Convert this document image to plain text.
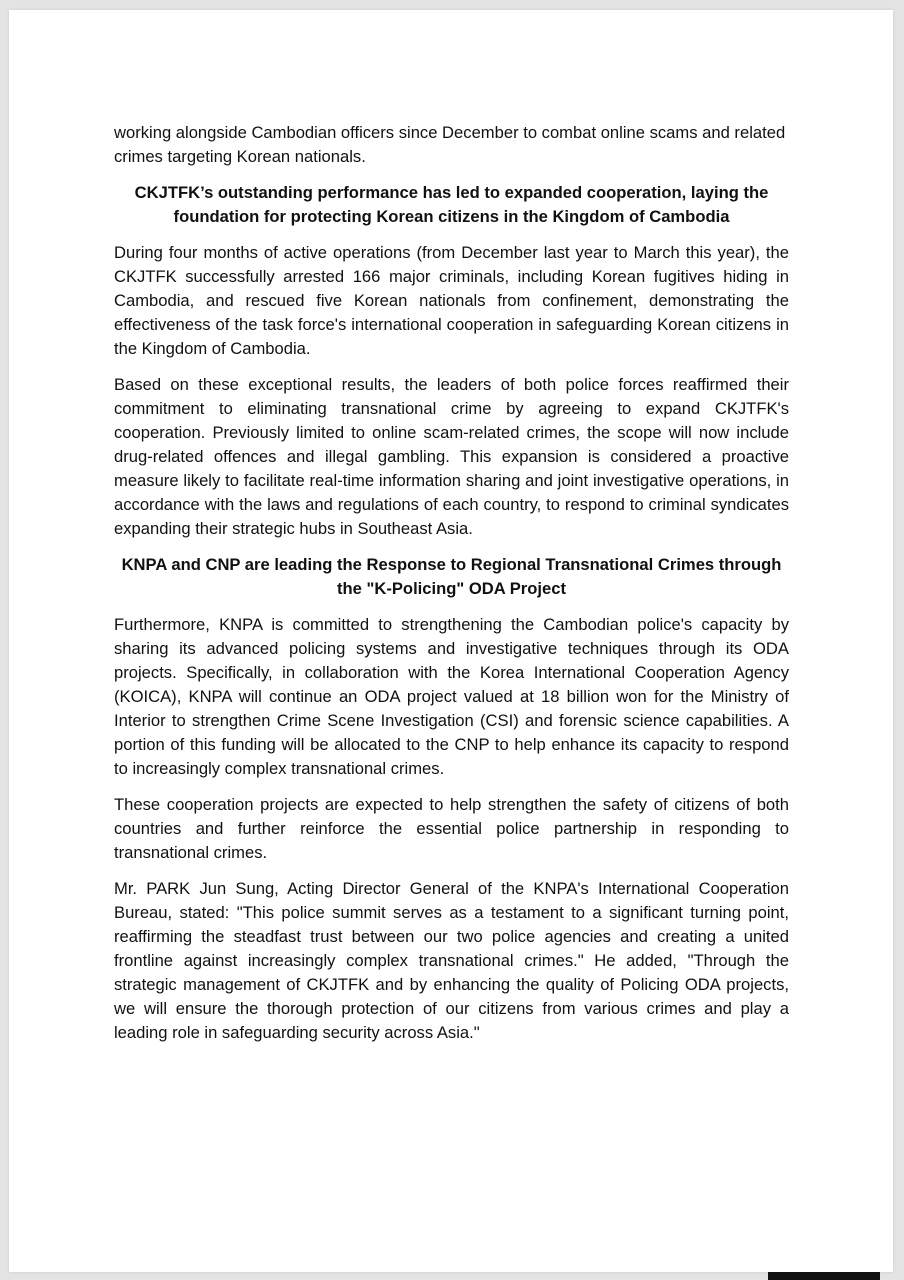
working alongside Cambodian officers since December to combat online scams and related crimes targeting Korean nationals.

CKJTFK’s outstanding performance has led to expanded cooperation, laying the foundation for protecting Korean citizens in the Kingdom of Cambodia

During four months of active operations (from December last year to March this year), the CKJTFK successfully arrested 166 major criminals, including Korean fugitives hiding in Cambodia, and rescued five Korean nationals from confinement, demonstrating the effectiveness of the task force's international cooperation in safeguarding Korean citizens in the Kingdom of Cambodia.

Based on these exceptional results, the leaders of both police forces reaffirmed their commitment to eliminating transnational crime by agreeing to expand CKJTFK's cooperation. Previously limited to online scam-related crimes, the scope will now include drug-related offences and illegal gambling. This expansion is considered a proactive measure likely to facilitate real-time information sharing and joint investigative operations, in accordance with the laws and regulations of each country, to respond to criminal syndicates expanding their strategic hubs in Southeast Asia.

KNPA and CNP are leading the Response to Regional Transnational Crimes through the "K-Policing" ODA Project

Furthermore, KNPA is committed to strengthening the Cambodian police's capacity by sharing its advanced policing systems and investigative techniques through its ODA projects. Specifically, in collaboration with the Korea International Cooperation Agency (KOICA), KNPA will continue an ODA project valued at 18 billion won for the Ministry of Interior to strengthen Crime Scene Investigation (CSI) and forensic science capabilities. A portion of this funding will be allocated to the CNP to help enhance its capacity to respond to increasingly complex transnational crimes.

These cooperation projects are expected to help strengthen the safety of citizens of both countries and further reinforce the essential police partnership in responding to transnational crimes.

Mr. PARK Jun Sung, Acting Director General of the KNPA's International Cooperation Bureau, stated: "This police summit serves as a testament to a significant turning point, reaffirming the steadfast trust between our two police agencies and creating a united frontline against increasingly complex transnational crimes." He added, "Through the strategic management of CKJTFK and by enhancing the quality of Policing ODA projects, we will ensure the thorough protection of our citizens from various crimes and play a leading role in safeguarding security across Asia."
